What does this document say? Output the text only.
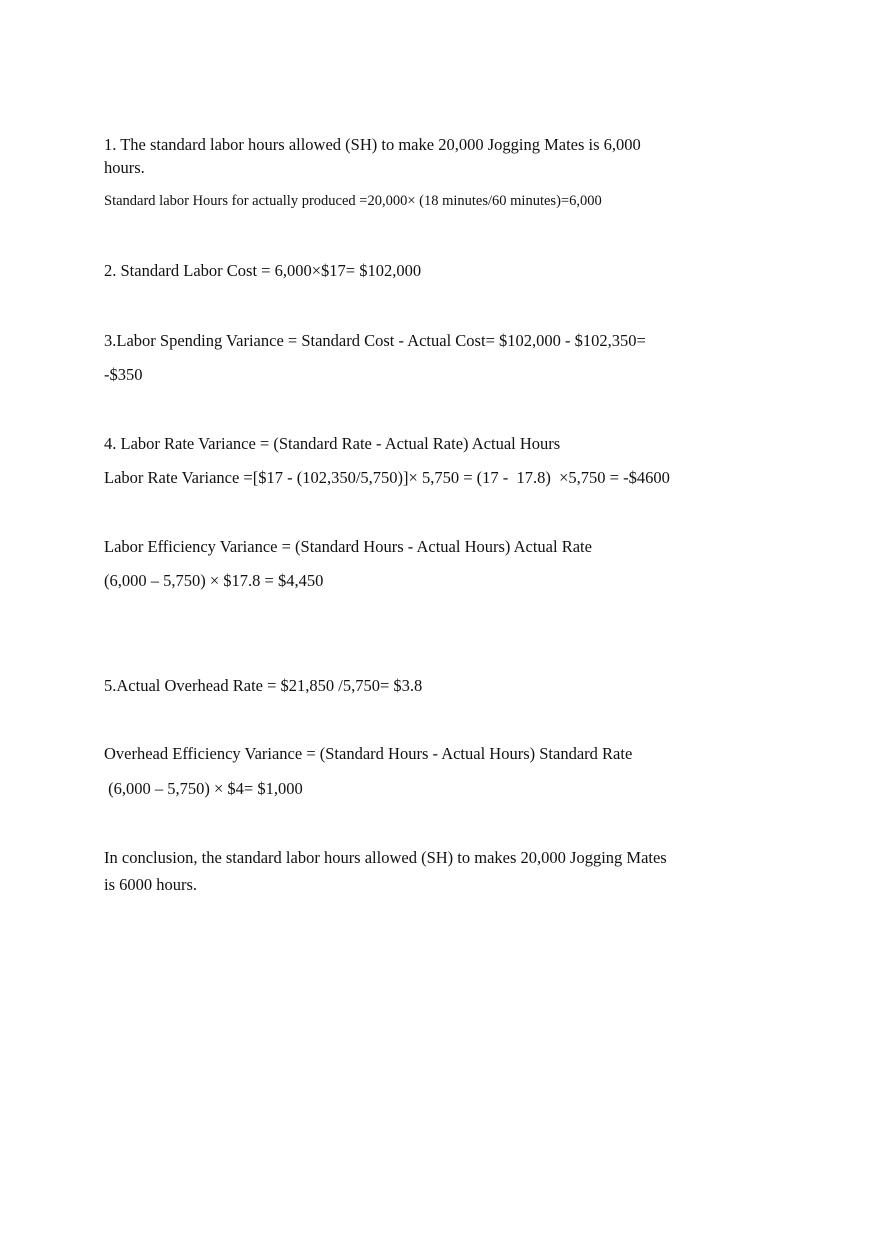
1. The standard labor hours allowed (SH) to make 20,000 Jogging Mates is 6,000
hours.
Standard labor Hours for actually produced =20,000× (18 minutes/60 minutes)=6,000
2. Standard Labor Cost = 6,000×$17= $102,000
3.Labor Spending Variance = Standard Cost - Actual Cost= $102,000 - $102,350=
-$350
4. Labor Rate Variance = (Standard Rate - Actual Rate) Actual Hours
Labor Rate Variance =[$17 - (102,350/5,750)]× 5,750 = (17 -  17.8)  ×5,750 = -$4600
Labor Efficiency Variance = (Standard Hours - Actual Hours) Actual Rate
(6,000 – 5,750) × $17.8 = $4,450
5.Actual Overhead Rate = $21,850 /5,750= $3.8
Overhead Efficiency Variance = (Standard Hours - Actual Hours) Standard Rate
(6,000 – 5,750) × $4= $1,000
In conclusion, the standard labor hours allowed (SH) to makes 20,000 Jogging Mates
is 6000 hours.
